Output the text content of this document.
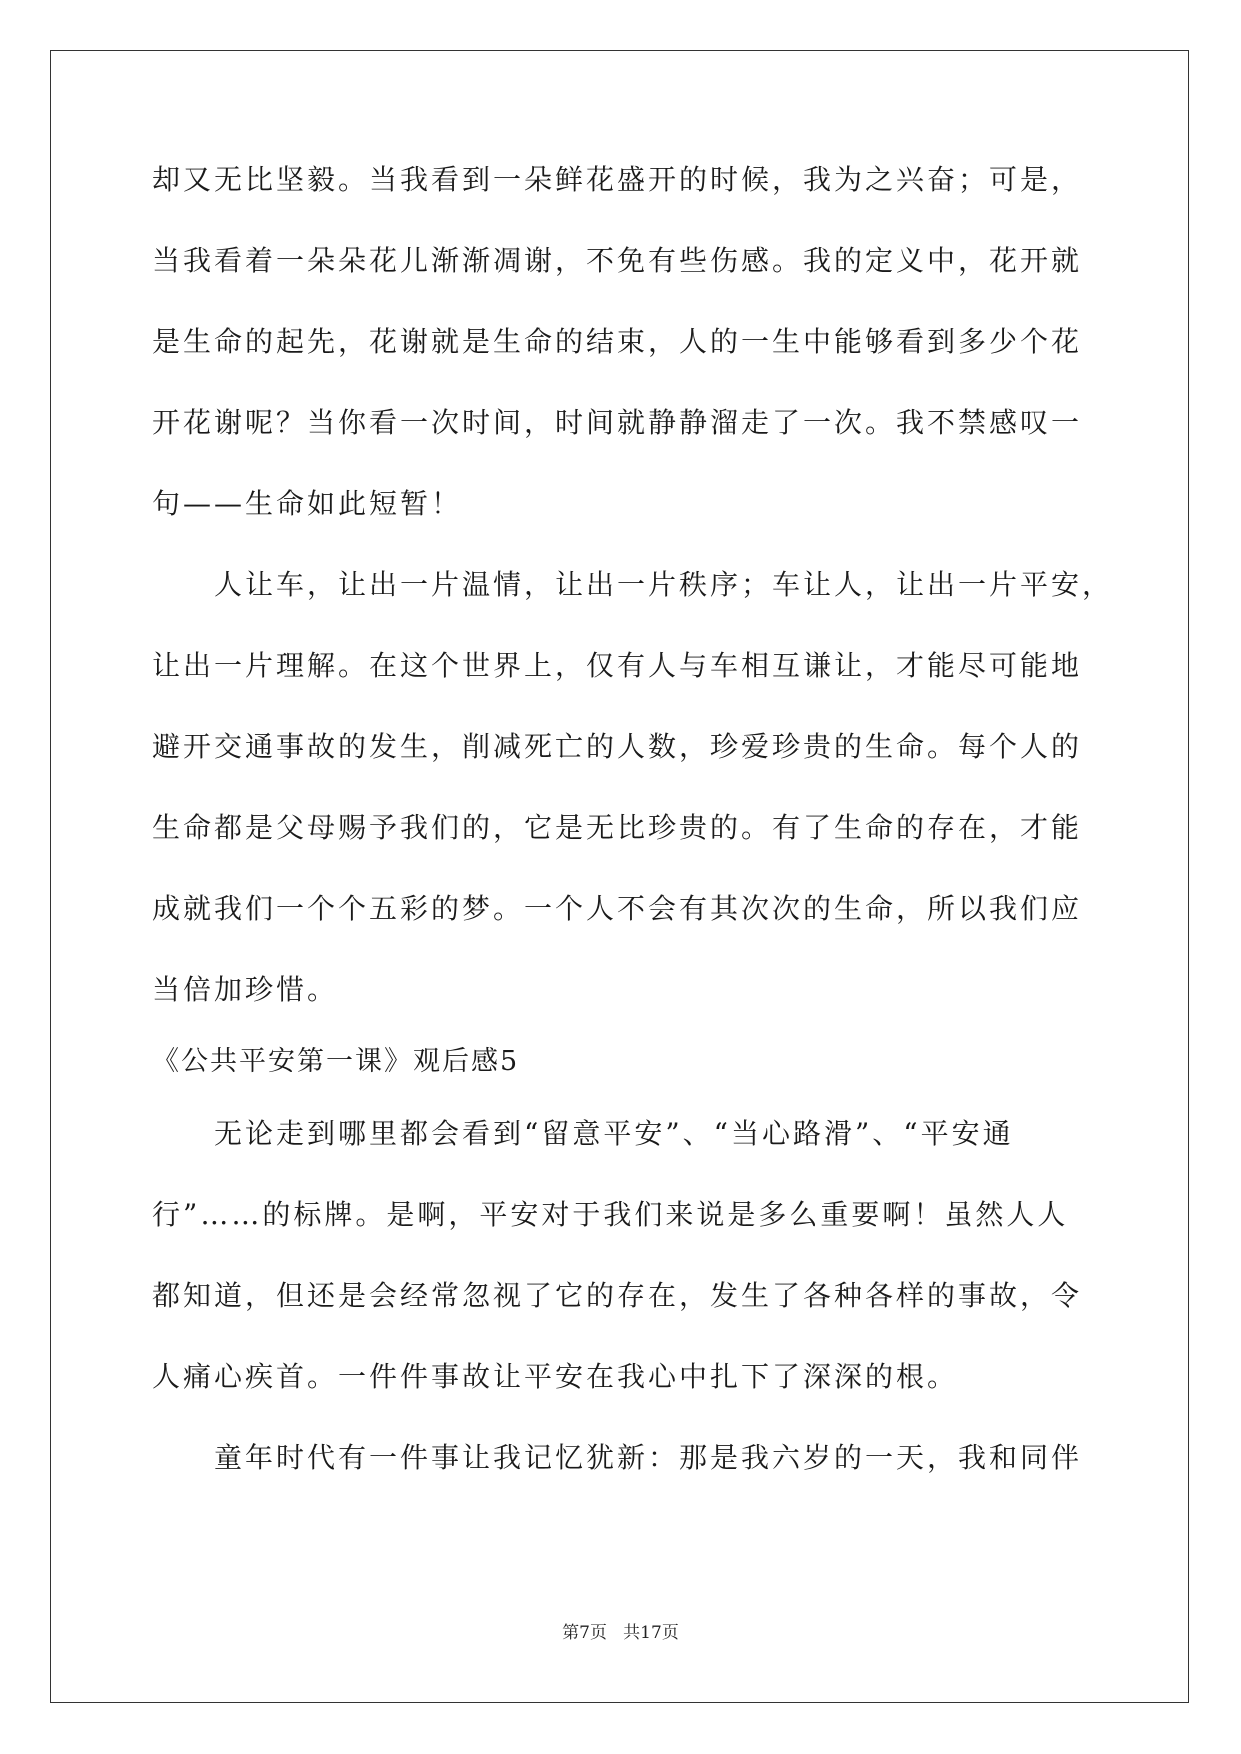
却又无比坚毅。当我看到一朵鲜花盛开的时候，我为之兴奋；可是，
当我看着一朵朵花儿渐渐凋谢，不免有些伤感。我的定义中，花开就
是生命的起先，花谢就是生命的结束，人的一生中能够看到多少个花
开花谢呢？当你看一次时间，时间就静静溜走了一次。我不禁感叹一
句——生命如此短暂！
人让车，让出一片温情，让出一片秩序；车让人，让出一片平安，
让出一片理解。在这个世界上，仅有人与车相互谦让，才能尽可能地
避开交通事故的发生，削减死亡的人数，珍爱珍贵的生命。每个人的
生命都是父母赐予我们的，它是无比珍贵的。有了生命的存在，才能
成就我们一个个五彩的梦。一个人不会有其次次的生命，所以我们应
当倍加珍惜。
《公共平安第一课》观后感5
无论走到哪里都会看到“留意平安”、“当心路滑”、“平安通
行”……的标牌。是啊，平安对于我们来说是多么重要啊！虽然人人
都知道，但还是会经常忽视了它的存在，发生了各种各样的事故，令
人痛心疾首。一件件事故让平安在我心中扎下了深深的根。
童年时代有一件事让我记忆犹新：那是我六岁的一天，我和同伴
第7页   共17页
